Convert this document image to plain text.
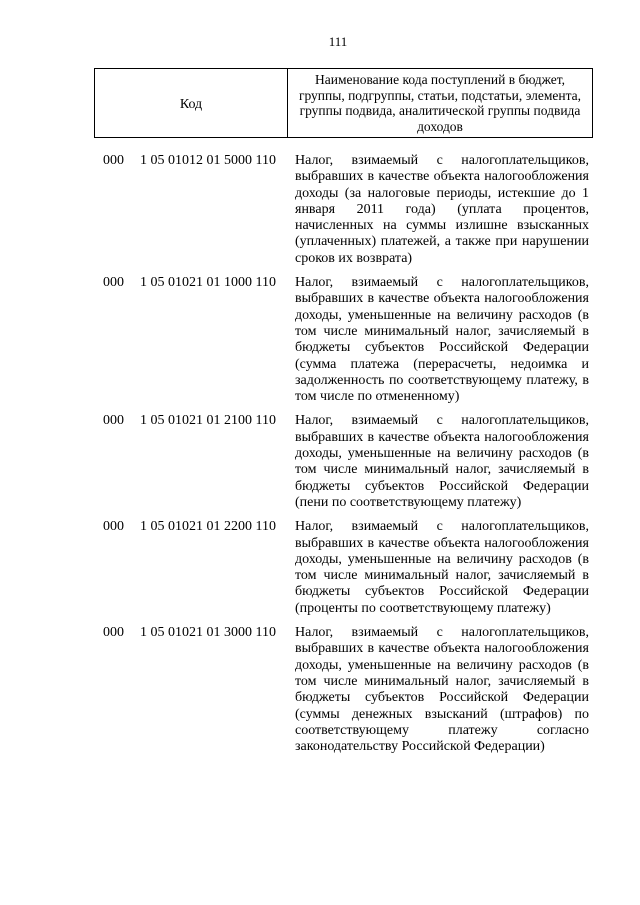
111
Код
Наименование кода поступлений в бюджет, группы, подгруппы, статьи, подстатьи, элемента, группы подвида, аналитической группы подвида доходов
000 1 05 01012 01 5000 110 Налог, взимаемый с налогоплательщиков, выбравших в качестве объекта налогообложения доходы (за налоговые периоды, истекшие до 1 января 2011 года) (уплата процентов, начисленных на суммы излишне взысканных (уплаченных) платежей, а также при нарушении сроков их возврата)
000 1 05 01021 01 1000 110 Налог, взимаемый с налогоплательщиков, выбравших в качестве объекта налогообложения доходы, уменьшенные на величину расходов (в том числе минимальный налог, зачисляемый в бюджеты субъектов Российской Федерации (сумма платежа (перерасчеты, недоимка и задолженность по соответствующему платежу, в том числе по отмененному)
000 1 05 01021 01 2100 110 Налог, взимаемый с налогоплательщиков, выбравших в качестве объекта налогообложения доходы, уменьшенные на величину расходов (в том числе минимальный налог, зачисляемый в бюджеты субъектов Российской Федерации (пени по соответствующему платежу)
000 1 05 01021 01 2200 110 Налог, взимаемый с налогоплательщиков, выбравших в качестве объекта налогообложения доходы, уменьшенные на величину расходов (в том числе минимальный налог, зачисляемый в бюджеты субъектов Российской Федерации (проценты по соответствующему платежу)
000 1 05 01021 01 3000 110 Налог, взимаемый с налогоплательщиков, выбравших в качестве объекта налогообложения доходы, уменьшенные на величину расходов (в том числе минимальный налог, зачисляемый в бюджеты субъектов Российской Федерации (суммы денежных взысканий (штрафов) по соответствующему платежу согласно законодательству Российской Федерации)
